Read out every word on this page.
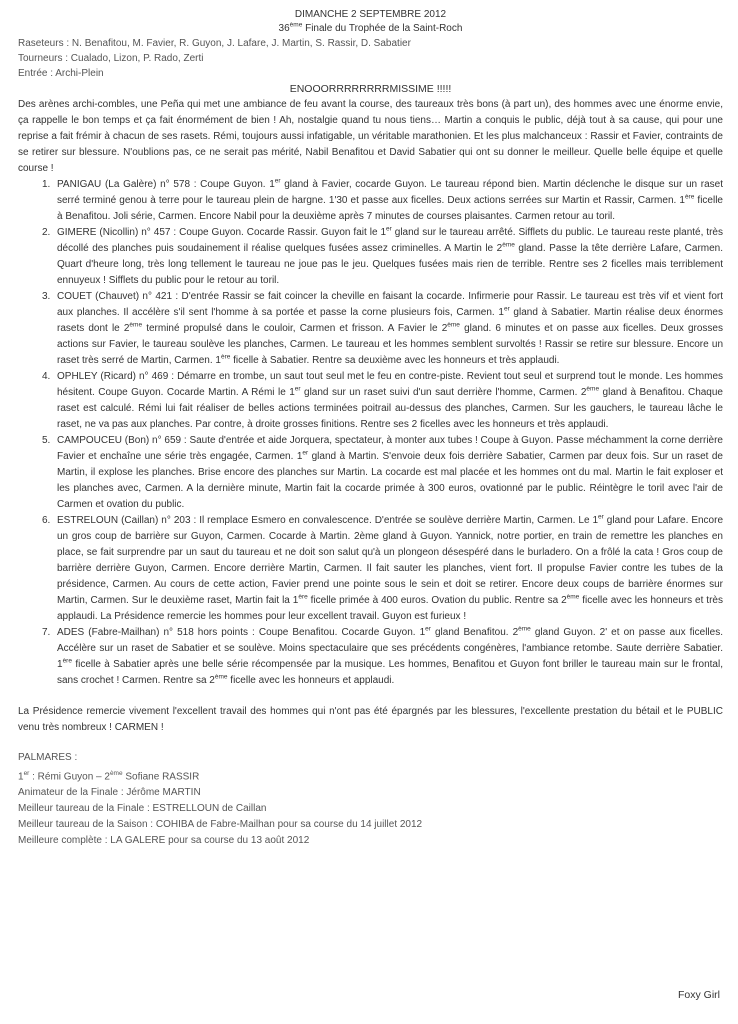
DIMANCHE 2 SEPTEMBRE 2012
36ème Finale du Trophée de la Saint-Roch
Raseteurs : N. Benafitou, M. Favier, R. Guyon, J. Lafare, J. Martin, S. Rassir, D. Sabatier
Tourneurs : Cualado, Lizon, P. Rado, Zerti
Entrée : Archi-Plein
ENOOORRRRRRRRMISSIME !!!!!
Des arènes archi-combles, une Peña qui met une ambiance de feu avant la course, des taureaux très bons (à part un), des hommes avec une énorme envie, ça rappelle le bon temps et ça fait énormément de bien ! Ah, nostalgie quand tu nous tiens… Martin a conquis le public, déjà tout à sa cause, qui pour une reprise a fait frémir à chacun de ses rasets. Rémi, toujours aussi infatigable, un véritable marathonien. Et les plus malchanceux : Rassir et Favier, contraints de se retirer sur blessure. N'oublions pas, ce ne serait pas mérité, Nabil Benafitou et David Sabatier qui ont su donner le meilleur. Quelle belle équipe et quelle course !
1. PANIGAU (La Galère) n° 578 : Coupe Guyon. 1er gland à Favier, cocarde Guyon. Le taureau répond bien. Martin déclenche le disque sur un raset serré terminé genou à terre pour le taureau plein de hargne. 1'30 et passe aux ficelles. Deux actions serrées sur Martin et Rassir, Carmen. 1ère ficelle à Benafitou. Joli série, Carmen. Encore Nabil pour la deuxième après 7 minutes de courses plaisantes. Carmen retour au toril.
2. GIMERE (Nicollin) n° 457 : Coupe Guyon. Cocarde Rassir. Guyon fait le 1er gland sur le taureau arrêté. Sifflets du public. Le taureau reste planté, très décollé des planches puis soudainement il réalise quelques fusées assez criminelles. A Martin le 2ème gland. Passe la tête derrière Lafare, Carmen. Quart d'heure long, très long tellement le taureau ne joue pas le jeu. Quelques fusées mais rien de terrible. Rentre ses 2 ficelles mais terriblement ennuyeux ! Sifflets du public pour le retour au toril.
3. COUET (Chauvet) n° 421 : D'entrée Rassir se fait coincer la cheville en faisant la cocarde. Infirmerie pour Rassir. Le taureau est très vif et vient fort aux planches. Il accélère s'il sent l'homme à sa portée et passe la corne plusieurs fois, Carmen. 1er gland à Sabatier. Martin réalise deux énormes rasets dont le 2ème terminé propulsé dans le couloir, Carmen et frisson. A Favier le 2ème gland. 6 minutes et on passe aux ficelles. Deux grosses actions sur Favier, le taureau soulève les planches, Carmen. Le taureau et les hommes semblent survoltés ! Rassir se retire sur blessure. Encore un raset très serré de Martin, Carmen. 1ère ficelle à Sabatier. Rentre sa deuxième avec les honneurs et très applaudi.
4. OPHLEY (Ricard) n° 469 : Démarre en trombe, un saut tout seul met le feu en contre-piste. Revient tout seul et surprend tout le monde. Les hommes hésitent. Coupe Guyon. Cocarde Martin. A Rémi le 1er gland sur un raset suivi d'un saut derrière l'homme, Carmen. 2ème gland à Benafitou. Chaque raset est calculé. Rémi lui fait réaliser de belles actions terminées poitrail au-dessus des planches, Carmen. Sur les gauchers, le taureau lâche le raset, ne va pas aux planches. Par contre, à droite grosses finitions. Rentre ses 2 ficelles avec les honneurs et très applaudi.
5. CAMPOUCEU (Bon) n° 659 : Saute d'entrée et aide Jorquera, spectateur, à monter aux tubes ! Coupe à Guyon. Passe méchamment la corne derrière Favier et enchaîne une série très engagée, Carmen. 1er gland à Martin. S'envoie deux fois derrière Sabatier, Carmen par deux fois. Sur un raset de Martin, il explose les planches. Brise encore des planches sur Martin. La cocarde est mal placée et les hommes ont du mal. Martin le fait exploser et les planches avec, Carmen. A la dernière minute, Martin fait la cocarde primée à 300 euros, ovationné par le public. Réintègre le toril avec l'air de Carmen et ovation du public.
6. ESTRELOUN (Caillan) n° 203 : Il remplace Esmero en convalescence. D'entrée se soulève derrière Martin, Carmen. Le 1er gland pour Lafare. Encore un gros coup de barrière sur Guyon, Carmen. Cocarde à Martin. 2ème gland à Guyon. Yannick, notre portier, en train de remettre les planches en place, se fait surprendre par un saut du taureau et ne doit son salut qu'à un plongeon désespéré dans le burladero. On a frôlé la cata ! Gros coup de barrière derrière Guyon, Carmen. Encore derrière Martin, Carmen. Il fait sauter les planches, vient fort. Il propulse Favier contre les tubes de la présidence, Carmen. Au cours de cette action, Favier prend une pointe sous le sein et doit se retirer. Encore deux coups de barrière énormes sur Martin, Carmen. Sur le deuxième raset, Martin fait la 1ère ficelle primée à 400 euros. Ovation du public. Rentre sa 2ème ficelle avec les honneurs et très applaudi. La Présidence remercie les hommes pour leur excellent travail. Guyon est furieux !
7. ADES (Fabre-Mailhan) n° 518 hors points : Coupe Benafitou. Cocarde Guyon. 1er gland Benafitou. 2ème gland Guyon. 2' et on passe aux ficelles. Accélère sur un raset de Sabatier et se soulève. Moins spectaculaire que ses précédents congénères, l'ambiance retombe. Saute derrière Sabatier. 1ère ficelle à Sabatier après une belle série récompensée par la musique. Les hommes, Benafitou et Guyon font briller le taureau main sur le frontal, sans crochet ! Carmen. Rentre sa 2ème ficelle avec les honneurs et applaudi.
La Présidence remercie vivement l'excellent travail des hommes qui n'ont pas été épargnés par les blessures, l'excellente prestation du bétail et le PUBLIC venu très nombreux ! CARMEN !
PALMARES :
1er : Rémi Guyon – 2ème Sofiane RASSIR
Animateur de la Finale : Jérôme MARTIN
Meilleur taureau de la Finale : ESTRELLOUN de Caillan
Meilleur taureau de la Saison : COHIBA de Fabre-Mailhan pour sa course du 14 juillet 2012
Meilleure complète : LA GALERE pour sa course du 13 août 2012
Foxy Girl
